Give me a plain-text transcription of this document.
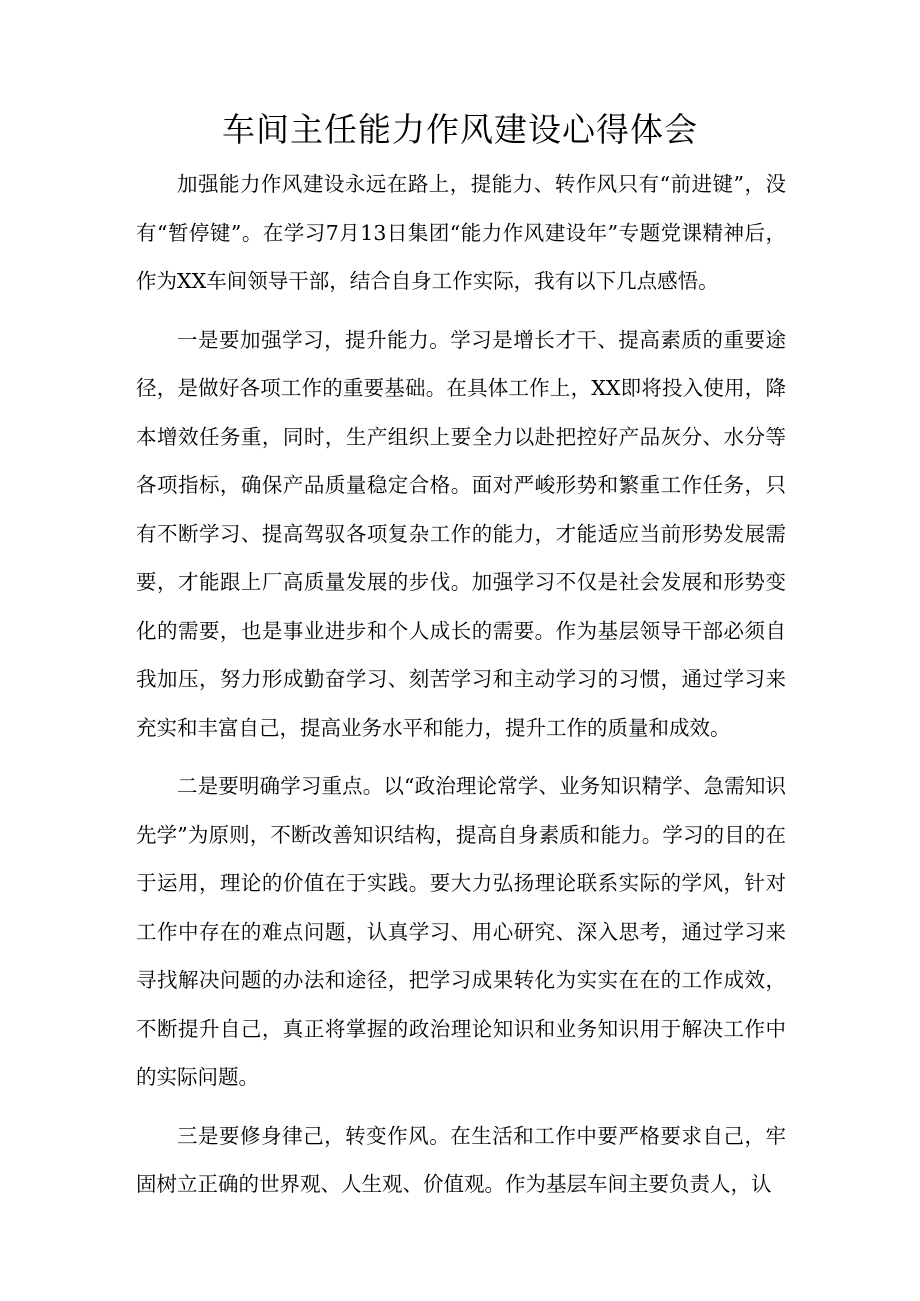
车间主任能力作风建设心得体会

加强能力作风建设永远在路上，提能力、转作风只有“前进键”，没有“暂停键”。在学习7月13日集团“能力作风建设年”专题党课精神后，作为XX车间领导干部，结合自身工作实际，我有以下几点感悟。

一是要加强学习，提升能力。学习是增长才干、提高素质的重要途径，是做好各项工作的重要基础。在具体工作上，XX即将投入使用，降本增效任务重，同时，生产组织上要全力以赴把控好产品灰分、水分等各项指标，确保产品质量稳定合格。面对严峻形势和繁重工作任务，只有不断学习、提高驾驭各项复杂工作的能力，才能适应当前形势发展需要，才能跟上厂高质量发展的步伐。加强学习不仅是社会发展和形势变化的需要，也是事业进步和个人成长的需要。作为基层领导干部必须自我加压，努力形成勤奋学习、刻苦学习和主动学习的习惯，通过学习来充实和丰富自己，提高业务水平和能力，提升工作的质量和成效。

二是要明确学习重点。以“政治理论常学、业务知识精学、急需知识先学”为原则，不断改善知识结构，提高自身素质和能力。学习的目的在于运用，理论的价值在于实践。要大力弘扬理论联系实际的学风，针对工作中存在的难点问题，认真学习、用心研究、深入思考，通过学习来寻找解决问题的办法和途径，把学习成果转化为实实在在的工作成效，不断提升自己，真正将掌握的政治理论知识和业务知识用于解决工作中的实际问题。

三是要修身律己，转变作风。在生活和工作中要严格要求自己，牢固树立正确的世界观、人生观、价值观。作为基层车间主要负责人，认
